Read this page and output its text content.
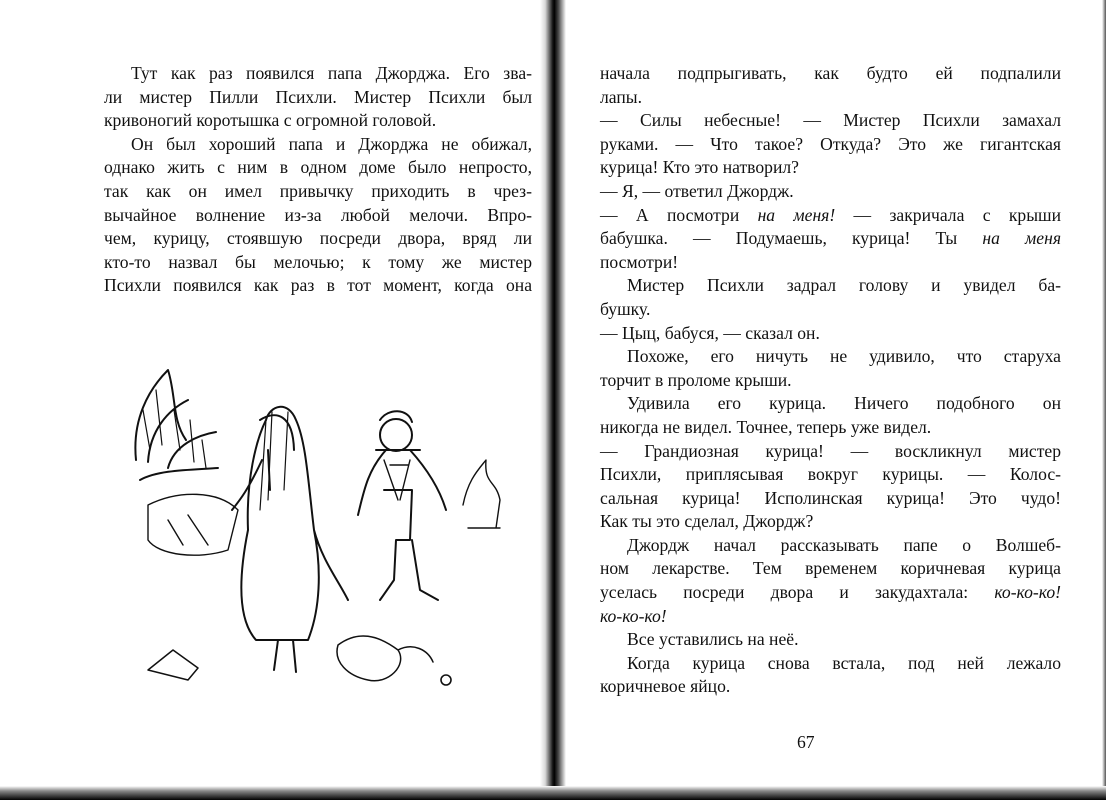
Тут как раз появился папа Джорджа. Его зва-
ли мистер Пилли Психли. Мистер Психли был
кривоногий коротышка с огромной головой.
Он был хороший папа и Джорджа не обижал,
однако жить с ним в одном доме было непросто,
так как он имел привычку приходить в чрез-
вычайное волнение из-за любой мелочи. Впро-
чем, курицу, стоявшую посреди двора, вряд ли
кто-то назвал бы мелочью; к тому же мистер
Психли появился как раз в тот момент, когда она
начала подпрыгивать, как будто ей подпалили
лапы.
— Силы небесные! — Мистер Психли замахал
руками. — Что такое? Откуда? Это же гигантская
курица! Кто это натворил?
— Я, — ответил Джордж.
— А посмотри на меня! — закричала с крыши
бабушка. — Подумаешь, курица! Ты на меня
посмотри!
Мистер Психли задрал голову и увидел ба-
бушку.
— Цыц, бабуся, — сказал он.
Похоже, его ничуть не удивило, что старуха
торчит в проломе крыши.
Удивила его курица. Ничего подобного он
никогда не видел. Точнее, теперь уже видел.
— Грандиозная курица! — воскликнул мистер
Психли, приплясывая вокруг курицы. — Колос-
сальная курица! Исполинская курица! Это чудо!
Как ты это сделал, Джордж?
Джордж начал рассказывать папе о Волшеб-
ном лекарстве. Тем временем коричневая курица
уселась посреди двора и закудахтала: ко-ко-ко!
ко-ко-ко!
Все уставились на неё.
Когда курица снова встала, под ней лежало
коричневое яйцо.
67
